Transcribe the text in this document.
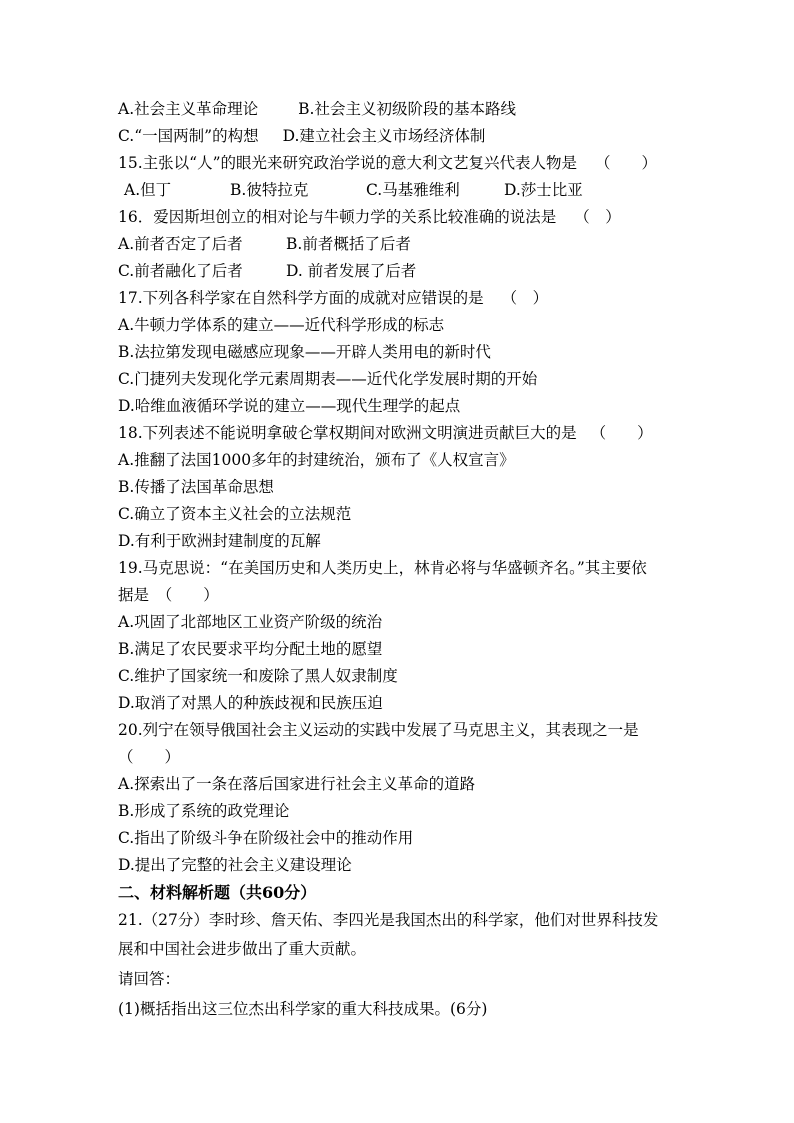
A.社会主义革命理论	B.社会主义初级阶段的基本路线
C.“一国两制”的构想 D.建立社会主义市场经济体制
15.主张以“人”的眼光来研究政治学说的意大利文艺复兴代表人物是 （　　）
A.但丁	B.彼特拉克	C.马基雅维利	D.莎士比亚
16．爱因斯坦创立的相对论与牛顿力学的关系比较准确的说法是 （　）
A.前者否定了后者	B.前者概括了后者
C.前者融化了后者	D. 前者发展了后者
17.下列各科学家在自然科学方面的成就对应错误的是 （　）
A.牛顿力学体系的建立——近代科学形成的标志
B.法拉第发现电磁感应现象——开辟人类用电的新时代
C.门捷列夫发现化学元素周期表——近代化学发展时期的开始
D.哈维血液循环学说的建立——现代生理学的起点
18.下列表述不能说明拿破仑掌权期间对欧洲文明演进贡献巨大的是 （　　）
A.推翻了法国1000多年的封建统治，颁布了《人权宣言》
B.传播了法国革命思想
C.确立了资本主义社会的立法规范
D.有利于欧洲封建制度的瓦解
19.马克思说：“在美国历史和人类历史上，林肯必将与华盛顿齐名。”其主要依
据是　（　　）
A.巩固了北部地区工业资产阶级的统治
B.满足了农民要求平均分配土地的愿望
C.维护了国家统一和废除了黑人奴隶制度
D.取消了对黑人的种族歧视和民族压迫
20.列宁在领导俄国社会主义运动的实践中发展了马克思主义，其表现之一是
（　　）
A.探索出了一条在落后国家进行社会主义革命的道路
B.形成了系统的政党理论
C.指出了阶级斗争在阶级社会中的推动作用
D.提出了完整的社会主义建设理论
二、材料解析题（共60分）
21.（27分）李时珍、詹天佑、李四光是我国杰出的科学家，他们对世界科技发
展和中国社会进步做出了重大贡献。
请回答：
(1)概括指出这三位杰出科学家的重大科技成果。(6分)
